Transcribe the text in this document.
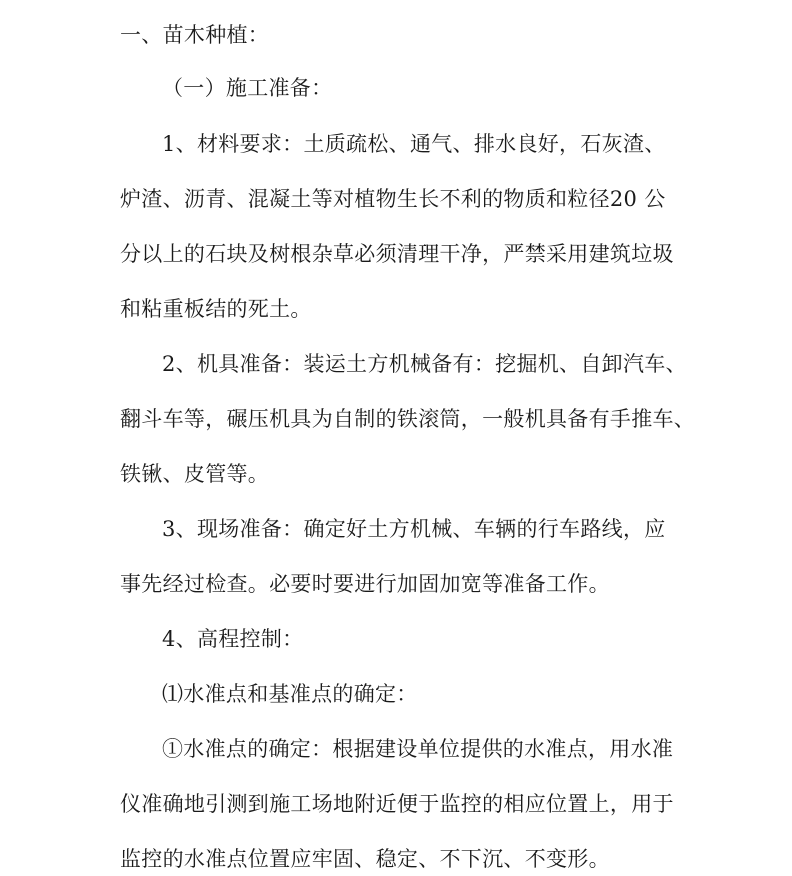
一、苗木种植：

（一）施工准备：

1、材料要求：土质疏松、通气、排水良好，石灰渣、

炉渣、沥青、混凝土等对植物生长不利的物质和粒径20 公

分以上的石块及树根杂草必须清理干净，严禁采用建筑垃圾

和粘重板结的死土。

2、机具准备：装运土方机械备有：挖掘机、自卸汽车、

翻斗车等，碾压机具为自制的铁滚筒，一般机具备有手推车、

铁锹、皮管等。

3、现场准备：确定好土方机械、车辆的行车路线，应

事先经过检查。必要时要进行加固加宽等准备工作。

4、高程控制：

⑴水准点和基准点的确定：

①水准点的确定：根据建设单位提供的水准点，用水准

仪准确地引测到施工场地附近便于监控的相应位置上，用于

监控的水准点位置应牢固、稳定、不下沉、不变形。
